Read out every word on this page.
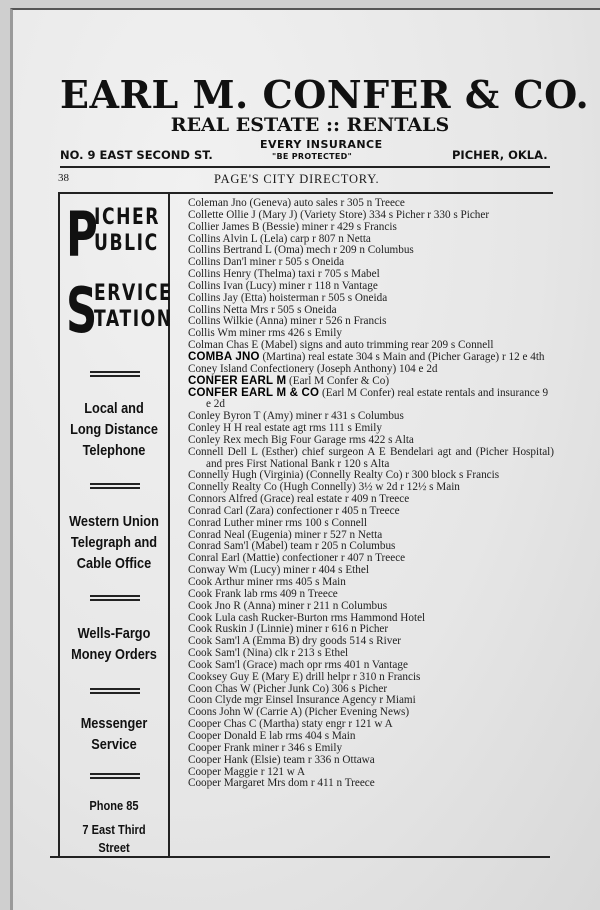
EARL M. CONFER & CO.
REAL ESTATE :: RENTALS
EVERY INSURANCE
"BE PROTECTED"
NO. 9 EAST SECOND ST.	PICHER, OKLA.
38	PAGE'S CITY DIRECTORY.
P
ICHER
UBLIC
S
ERVICE
TATION
Local and Long Distance Telephone
Western Union Telegraph and Cable Office
Wells-Fargo Money Orders
Messenger Service
Phone 85
7 East Third Street
Coleman Jno (Geneva) auto sales r 305 n Treece
Collette Ollie J (Mary J) (Variety Store) 334 s Picher r 330 s Picher
Collier James B (Bessie) miner r 429 s Francis
Collins Alvin L (Lela) carp r 807 n Netta
Collins Bertrand L (Oma) mech r 209 n Columbus
Collins Dan'l miner r 505 s Oneida
Collins Henry (Thelma) taxi r 705 s Mabel
Collins Ivan (Lucy) miner r 118 n Vantage
Collins Jay (Etta) hoisterman r 505 s Oneida
Collins Netta Mrs r 505 s Oneida
Collins Wilkie (Anna) miner r 526 n Francis
Collis Wm miner rms 426 s Emily
Colman Chas E (Mabel) signs and auto trimming rear 209 s Connell
COMBA JNO (Martina) real estate 304 s Main and (Picher Garage) r 12 e 4th
Coney Island Confectionery (Joseph Anthony) 104 e 2d
CONFER EARL M (Earl M Confer & Co)
CONFER EARL M & CO (Earl M Confer) real estate rentals and insurance 9 e 2d
Conley Byron T (Amy) miner r 431 s Columbus
Conley H H real estate agt rms 111 s Emily
Conley Rex mech Big Four Garage rms 422 s Alta
Connell Dell L (Esther) chief surgeon A E Bendelari agt and (Picher Hospital) and pres First National Bank r 120 s Alta
Connelly Hugh (Virginia) (Connelly Realty Co) r 300 block s Francis
Connelly Realty Co (Hugh Connelly) 3½ w 2d r 12½ s Main
Connors Alfred (Grace) real estate r 409 n Treece
Conrad Carl (Zara) confectioner r 405 n Treece
Conrad Luther miner rms 100 s Connell
Conrad Neal (Eugenia) miner r 527 n Netta
Conrad Sam'l (Mabel) team r 205 n Columbus
Conral Earl (Mattie) confectioner r 407 n Treece
Conway Wm (Lucy) miner r 404 s Ethel
Cook Arthur miner rms 405 s Main
Cook Frank lab rms 409 n Treece
Cook Jno R (Anna) miner r 211 n Columbus
Cook Lula cash Rucker-Burton rms Hammond Hotel
Cook Ruskin J (Linnie) miner r 616 n Picher
Cook Sam'l A (Emma B) dry goods 514 s River
Cook Sam'l (Nina) clk r 213 s Ethel
Cook Sam'l (Grace) mach opr rms 401 n Vantage
Cooksey Guy E (Mary E) drill helpr r 310 n Francis
Coon Chas W (Picher Junk Co) 306 s Picher
Coon Clyde mgr Einsel Insurance Agency r Miami
Coons John W (Carrie A) (Picher Evening News)
Cooper Chas C (Martha) staty engr r 121 w A
Cooper Donald E lab rms 404 s Main
Cooper Frank miner r 346 s Emily
Cooper Hank (Elsie) team r 336 n Ottawa
Cooper Maggie r 121 w A
Cooper Margaret Mrs dom r 411 n Treece
